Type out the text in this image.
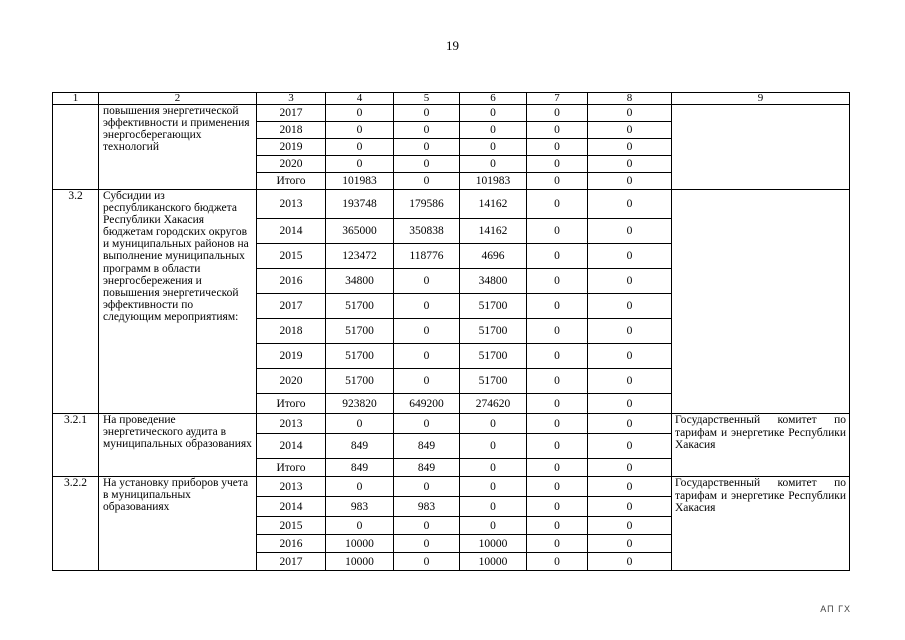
19
1	2	3	4	5	6	7	8	9
	повышения энергетической эффективности и применения энергосберегающих технологий	2017	0	0	0	0	0	
		2018	0	0	0	0	0	
		2019	0	0	0	0	0	
		2020	0	0	0	0	0	
		Итого	101983	0	101983	0	0	
3.2	Субсидии из республиканского бюджета Республики Хакасия бюджетам городских округов и муниципальных районов на выполнение муниципальных программ в области энергосбережения и повышения энергетической эффективности по следующим мероприятиям:	2013	193748	179586	14162	0	0	
		2014	365000	350838	14162	0	0	
		2015	123472	118776	4696	0	0	
		2016	34800	0	34800	0	0	
		2017	51700	0	51700	0	0	
		2018	51700	0	51700	0	0	
		2019	51700	0	51700	0	0	
		2020	51700	0	51700	0	0	
		Итого	923820	649200	274620	0	0	
3.2.1	На проведение энергетического аудита в муниципальных образованиях	2013	0	0	0	0	0	Государственный комитет по тарифам и энергетике Республики Хакасия
		2014	849	849	0	0	0	
		Итого	849	849	0	0	0	
3.2.2	На установку приборов учета в муниципальных образованиях	2013	0	0	0	0	0	Государственный комитет по тарифам и энергетике Республики Хакасия
		2014	983	983	0	0	0	
		2015	0	0	0	0	0	
		2016	10000	0	10000	0	0	
		2017	10000	0	10000	0	0	
АП ГХ
